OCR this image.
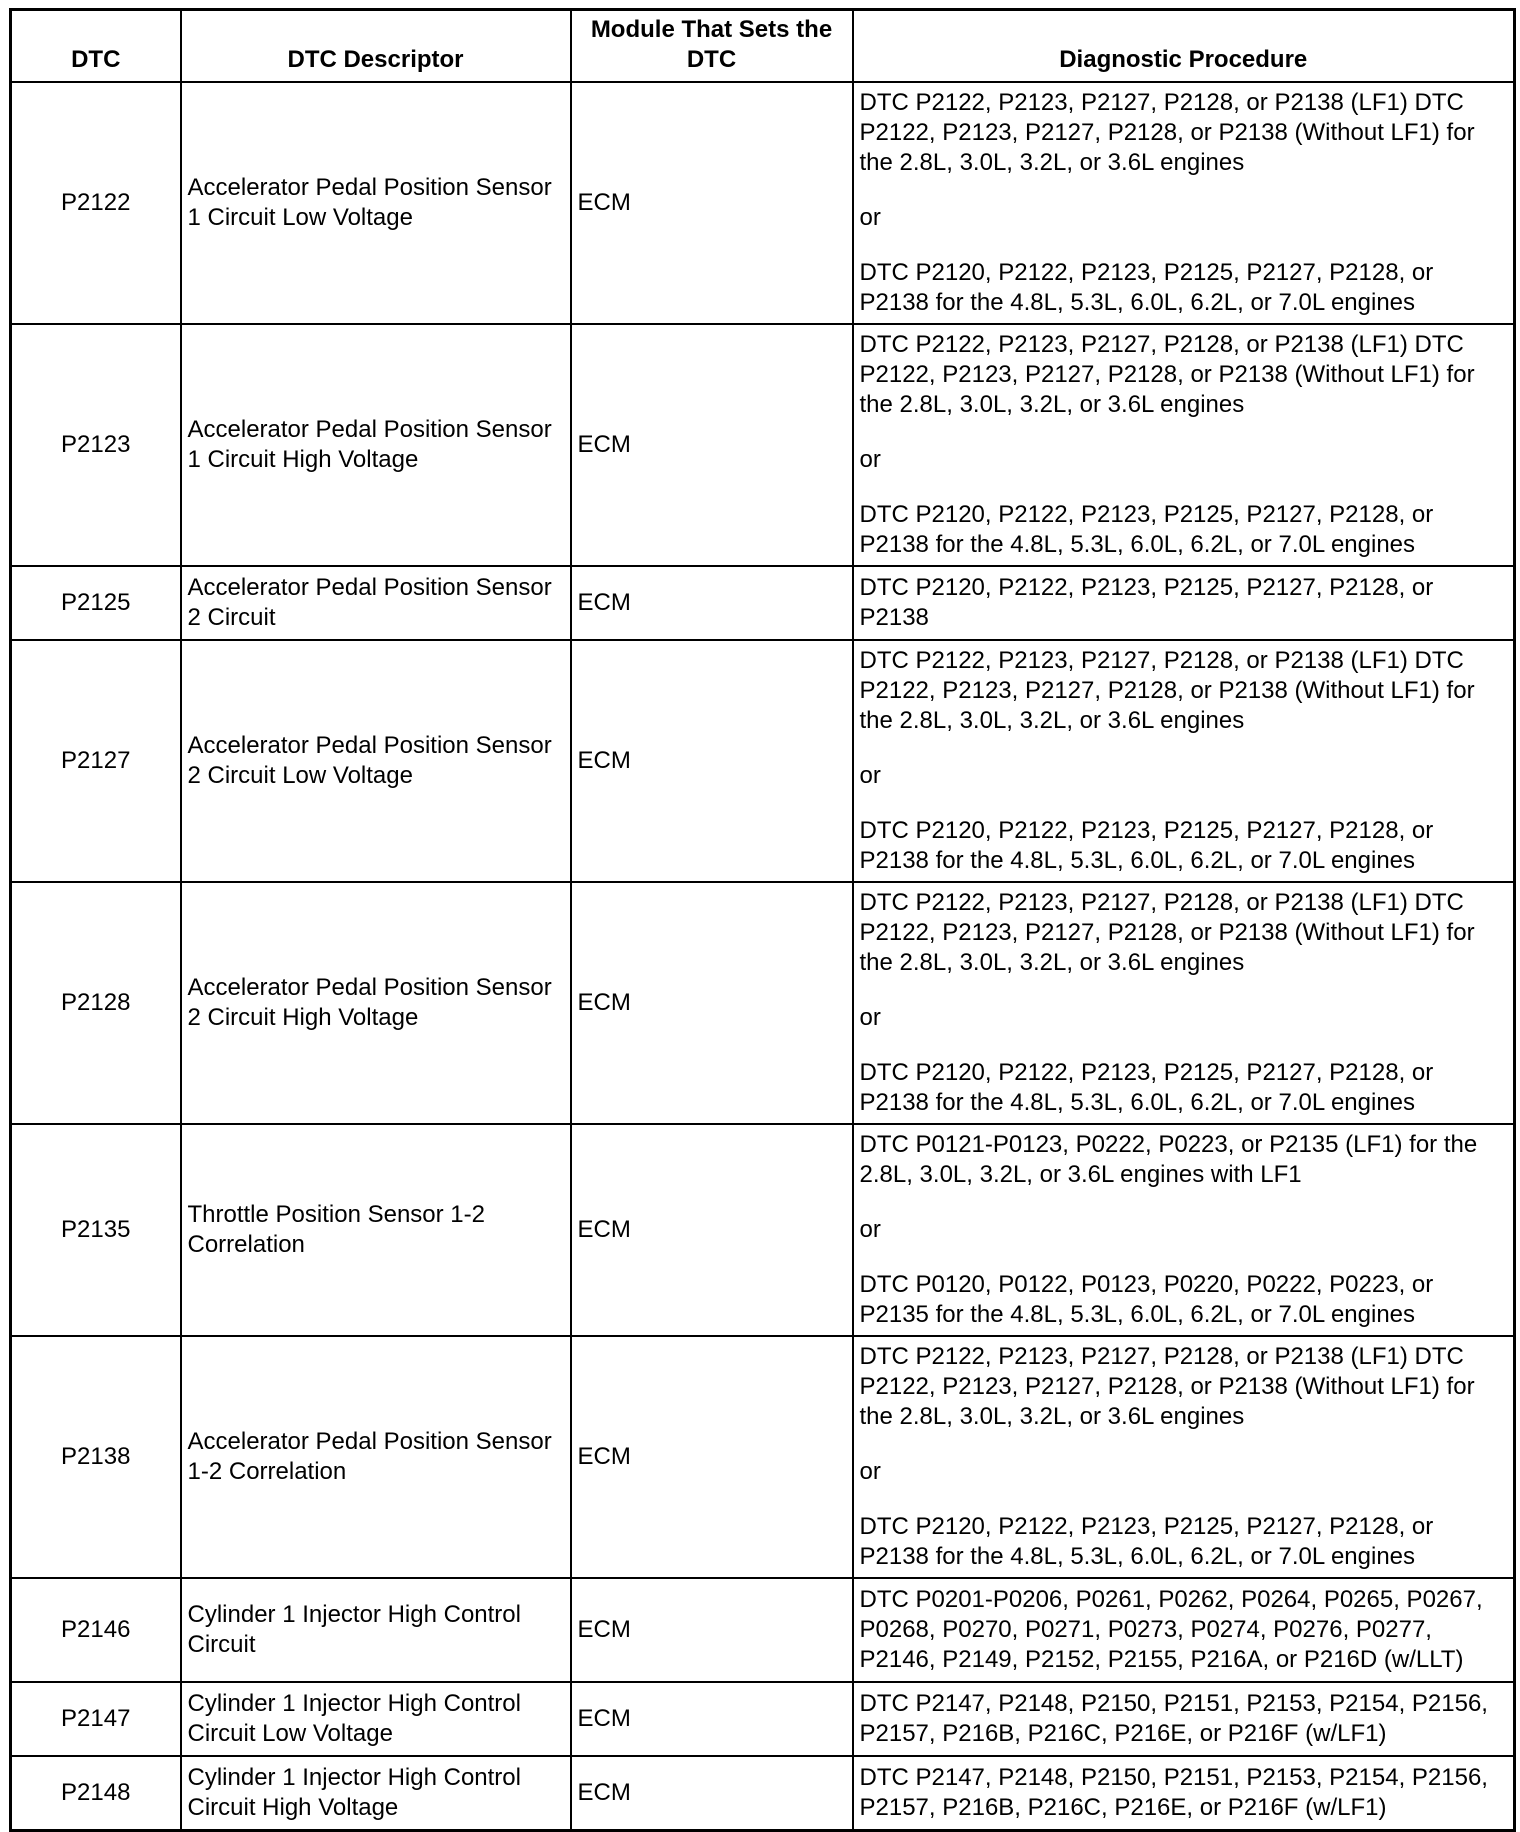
DTC	DTC Descriptor	Module That Sets the DTC	Diagnostic Procedure
P2122	Accelerator Pedal Position Sensor 1 Circuit Low Voltage	ECM	DTC P2122, P2123, P2127, P2128, or P2138 (LF1) DTC P2122, P2123, P2127, P2128, or P2138 (Without LF1) for the 2.8L, 3.0L, 3.2L, or 3.6L engines

or

DTC P2120, P2122, P2123, P2125, P2127, P2128, or P2138 for the 4.8L, 5.3L, 6.0L, 6.2L, or 7.0L engines

P2123	Accelerator Pedal Position Sensor 1 Circuit High Voltage	ECM	DTC P2122, P2123, P2127, P2128, or P2138 (LF1) DTC P2122, P2123, P2127, P2128, or P2138 (Without LF1) for the 2.8L, 3.0L, 3.2L, or 3.6L engines

or

DTC P2120, P2122, P2123, P2125, P2127, P2128, or P2138 for the 4.8L, 5.3L, 6.0L, 6.2L, or 7.0L engines

P2125	Accelerator Pedal Position Sensor 2 Circuit	ECM	DTC P2120, P2122, P2123, P2125, P2127, P2128, or P2138

P2127	Accelerator Pedal Position Sensor 2 Circuit Low Voltage	ECM	DTC P2122, P2123, P2127, P2128, or P2138 (LF1) DTC P2122, P2123, P2127, P2128, or P2138 (Without LF1) for the 2.8L, 3.0L, 3.2L, or 3.6L engines

or

DTC P2120, P2122, P2123, P2125, P2127, P2128, or P2138 for the 4.8L, 5.3L, 6.0L, 6.2L, or 7.0L engines

P2128	Accelerator Pedal Position Sensor 2 Circuit High Voltage	ECM	DTC P2122, P2123, P2127, P2128, or P2138 (LF1) DTC P2122, P2123, P2127, P2128, or P2138 (Without LF1) for the 2.8L, 3.0L, 3.2L, or 3.6L engines

or

DTC P2120, P2122, P2123, P2125, P2127, P2128, or P2138 for the 4.8L, 5.3L, 6.0L, 6.2L, or 7.0L engines

P2135	Throttle Position Sensor 1-2 Correlation	ECM	DTC P0121-P0123, P0222, P0223, or P2135 (LF1) for the 2.8L, 3.0L, 3.2L, or 3.6L engines with LF1

or

DTC P0120, P0122, P0123, P0220, P0222, P0223, or P2135 for the 4.8L, 5.3L, 6.0L, 6.2L, or 7.0L engines

P2138	Accelerator Pedal Position Sensor 1-2 Correlation	ECM	DTC P2122, P2123, P2127, P2128, or P2138 (LF1) DTC P2122, P2123, P2127, P2128, or P2138 (Without LF1) for the 2.8L, 3.0L, 3.2L, or 3.6L engines

or

DTC P2120, P2122, P2123, P2125, P2127, P2128, or P2138 for the 4.8L, 5.3L, 6.0L, 6.2L, or 7.0L engines

P2146	Cylinder 1 Injector High Control Circuit	ECM	DTC P0201-P0206, P0261, P0262, P0264, P0265, P0267, P0268, P0270, P0271, P0273, P0274, P0276, P0277, P2146, P2149, P2152, P2155, P216A, or P216D (w/LLT)

P2147	Cylinder 1 Injector High Control Circuit Low Voltage	ECM	DTC P2147, P2148, P2150, P2151, P2153, P2154, P2156, P2157, P216B, P216C, P216E, or P216F (w/LF1)

P2148	Cylinder 1 Injector High Control Circuit High Voltage	ECM	DTC P2147, P2148, P2150, P2151, P2153, P2154, P2156, P2157, P216B, P216C, P216E, or P216F (w/LF1)
